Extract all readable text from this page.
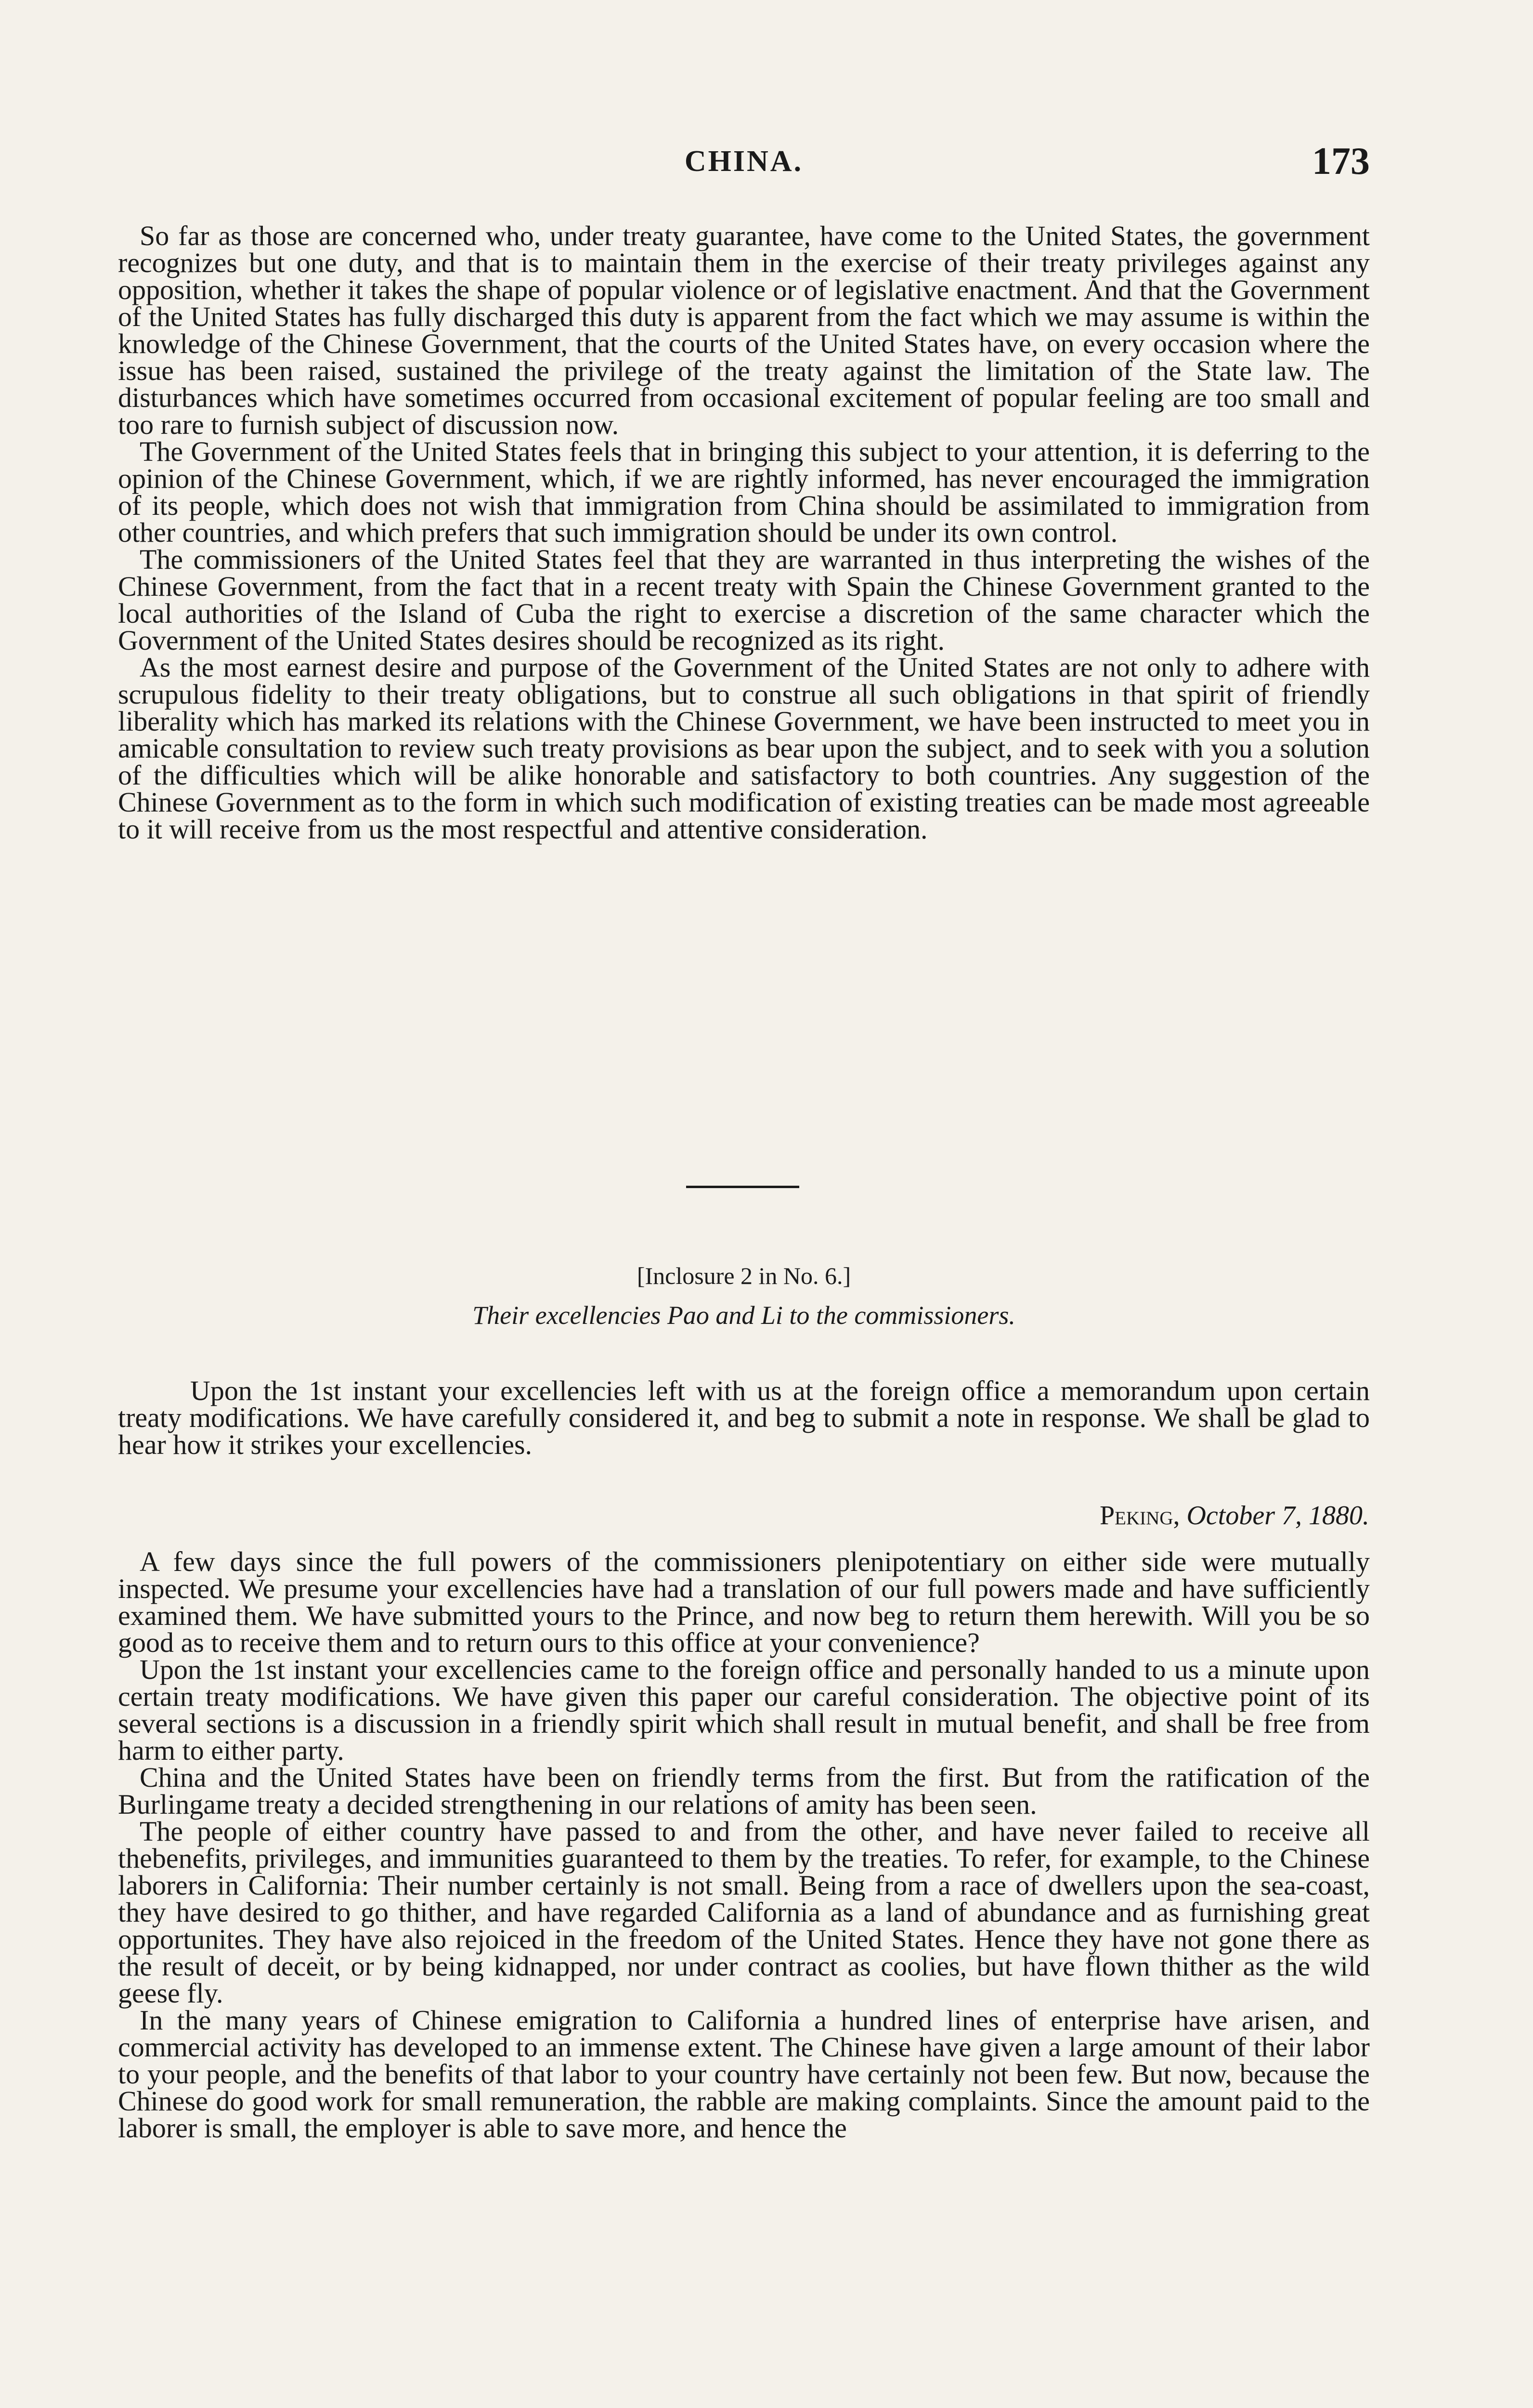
CHINA.	173

So far as those are concerned who, under treaty guarantee, have come to the United States, the government recognizes but one duty, and that is to maintain them in the exercise of their treaty privileges against any opposition, whether it takes the shape of popular violence or of legislative enactment. And that the Government of the United States has fully discharged this duty is apparent from the fact which we may assume is within the knowledge of the Chinese Government, that the courts of the United States have, on every occasion where the issue has been raised, sustained the privilege of the treaty against the limitation of the State law. The disturbances which have sometimes occurred from occasional excitement of popular feeling are too small and too rare to furnish subject of discussion now.

The Government of the United States feels that in bringing this subject to your attention, it is deferring to the opinion of the Chinese Government, which, if we are rightly informed, has never encouraged the immigration of its people, which does not wish that immigration from China should be assimilated to immigration from other countries, and which prefers that such immigration should be under its own control.

The commissioners of the United States feel that they are warranted in thus interpreting the wishes of the Chinese Government, from the fact that in a recent treaty with Spain the Chinese Government granted to the local authorities of the Island of Cuba the right to exercise a discretion of the same character which the Government of the United States desires should be recognized as its right.

As the most earnest desire and purpose of the Government of the United States are not only to adhere with scrupulous fidelity to their treaty obligations, but to construe all such obligations in that spirit of friendly liberality which has marked its relations with the Chinese Government, we have been instructed to meet you in amicable consultation to review such treaty provisions as bear upon the subject, and to seek with you a solution of the difficulties which will be alike honorable and satisfactory to both countries. Any suggestion of the Chinese Government as to the form in which such modification of existing treaties can be made most agreeable to it will receive from us the most respectful and attentive consideration.

[Inclosure 2 in No. 6.]
Their excellencies Pao and Li to the commissioners.

Upon the 1st instant your excellencies left with us at the foreign office a memorandum upon certain treaty modifications. We have carefully considered it, and beg to submit a note in response. We shall be glad to hear how it strikes your excellencies.

Peking, October 7, 1880.

A few days since the full powers of the commissioners plenipotentiary on either side were mutually inspected. We presume your excellencies have had a translation of our full powers made and have sufficiently examined them. We have submitted yours to the Prince, and now beg to return them herewith. Will you be so good as to receive them and to return ours to this office at your convenience?

Upon the 1st instant your excellencies came to the foreign office and personally handed to us a minute upon certain treaty modifications. We have given this paper our careful consideration. The objective point of its several sections is a discussion in a friendly spirit which shall result in mutual benefit, and shall be free from harm to either party.

China and the United States have been on friendly terms from the first. But from the ratification of the Burlingame treaty a decided strengthening in our relations of amity has been seen.

The people of either country have passed to and from the other, and have never failed to receive all thebenefits, privileges, and immunities guaranteed to them by the treaties. To refer, for example, to the Chinese laborers in California: Their number certainly is not small. Being from a race of dwellers upon the sea-coast, they have desired to go thither, and have regarded California as a land of abundance and as furnishing great opportunites. They have also rejoiced in the freedom of the United States. Hence they have not gone there as the result of deceit, or by being kidnapped, nor under contract as coolies, but have flown thither as the wild geese fly.

In the many years of Chinese emigration to California a hundred lines of enterprise have arisen, and commercial activity has developed to an immense extent. The Chinese have given a large amount of their labor to your people, and the benefits of that labor to your country have certainly not been few. But now, because the Chinese do good work for small remuneration, the rabble are making complaints. Since the amount paid to the laborer is small, the employer is able to save more, and hence the
